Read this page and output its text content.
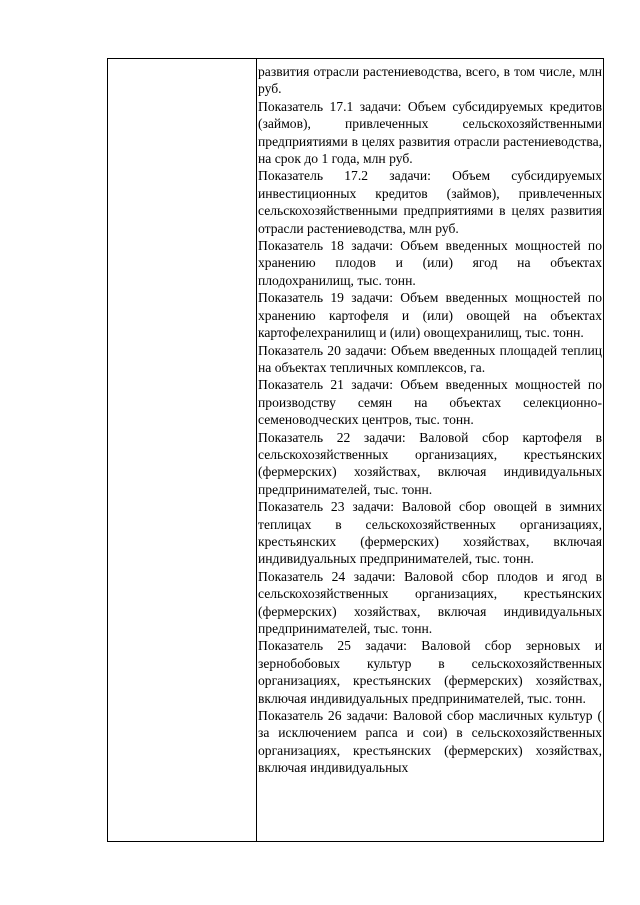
развития отрасли растениеводства, всего, в том числе, млн руб.

Показатель 17.1 задачи: Объем субсидируемых кредитов (займов), привлеченных сельскохозяйственными предприятиями в целях развития отрасли растениеводства, на срок до 1 года, млн руб.

Показатель 17.2 задачи: Объем субсидируемых инвестиционных кредитов (займов), привлеченных сельскохозяйственными предприятиями в целях развития отрасли растениеводства, млн руб.

Показатель 18 задачи: Объем введенных мощностей по хранению плодов и (или) ягод на объектах плодохранилищ, тыс. тонн.

Показатель 19 задачи: Объем введенных мощностей по хранению картофеля и (или) овощей на объектах картофелехранилищ и (или) овощехранилищ, тыс. тонн.

Показатель 20 задачи: Объем введенных площадей теплиц на объектах тепличных комплексов, га.

Показатель 21 задачи: Объем введенных мощностей по производству семян на объектах селекционно-семеноводческих центров, тыс. тонн.

Показатель 22 задачи: Валовой сбор картофеля в сельскохозяйственных организациях, крестьянских (фермерских) хозяйствах, включая индивидуальных предпринимателей, тыс. тонн.

Показатель 23 задачи: Валовой сбор овощей в зимних теплицах в сельскохозяйственных организациях, крестьянских (фермерских) хозяйствах, включая индивидуальных предпринимателей, тыс. тонн.

Показатель 24 задачи: Валовой сбор плодов и ягод в сельскохозяйственных организациях, крестьянских (фермерских) хозяйствах, включая индивидуальных предпринимателей, тыс. тонн.

Показатель 25 задачи: Валовой сбор зерновых и зернобобовых культур в сельскохозяйственных организациях, крестьянских (фермерских) хозяйствах, включая индивидуальных предпринимателей, тыс. тонн.

Показатель 26 задачи: Валовой сбор масличных культур ( за исключением рапса и сои) в сельскохозяйственных организациях, крестьянских (фермерских) хозяйствах, включая индивидуальных
